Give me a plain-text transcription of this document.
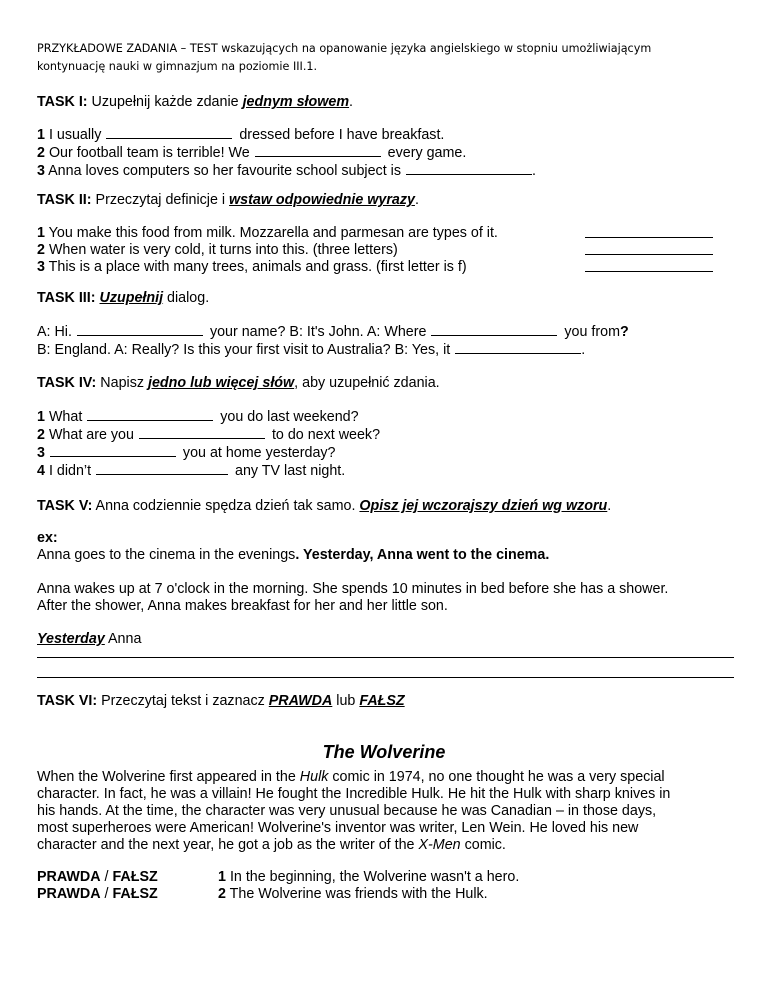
PRZYKŁADOWE ZADANIA – TEST wskazujących na opanowanie języka angielskiego w stopniu umożliwiającym
kontynuację nauki w gimnazjum na poziomie III.1.
TASK I: Uzupełnij każde zdanie jednym słowem.
1 I usually	dressed before I have breakfast.
2 Our football team is terrible! We	every game.
3 Anna loves computers so her favourite school subject is	.
TASK II: Przeczytaj definicje i wstaw odpowiednie wyrazy.
1 You make this food from milk. Mozzarella and parmesan are types of it.
2 When water is very cold, it turns into this. (three letters)
3 This is a place with many trees, animals and grass. (first letter is f)
TASK III: Uzupełnij dialog.
A: Hi.	your name? B: It's John. A: Where	you from?
B: England. A: Really? Is this your first visit to Australia? B: Yes, it	.
TASK IV: Napisz jedno lub więcej słów, aby uzupełnić zdania.
1 What	you do last weekend?
2 What are you	to do next week?
3	you at home yesterday?
4 I didn’t	any TV last night.
TASK V: Anna codziennie spędza dzień tak samo. Opisz jej wczorajszy dzień wg wzoru.
ex:
Anna goes to the cinema in the evenings. Yesterday, Anna went to the cinema.
Anna wakes up at 7 o'clock in the morning. She spends 10 minutes in bed before she has a shower.
After the shower, Anna makes breakfast for her and her little son.
Yesterday Anna
TASK VI: Przeczytaj tekst i zaznacz PRAWDA lub FAŁSZ
The Wolverine
When the Wolverine first appeared in the Hulk comic in 1974, no one thought he was a very special
character. In fact, he was a villain! He fought the Incredible Hulk. He hit the Hulk with sharp knives in
his hands. At the time, the character was very unusual because he was Canadian – in those days,
most superheroes were American! Wolverine's inventor was writer, Len Wein. He loved his new
character and the next year, he got a job as the writer of the X-Men comic.
PRAWDA / FAŁSZ	1 In the beginning, the Wolverine wasn't a hero.
PRAWDA / FAŁSZ	2 The Wolverine was friends with the Hulk.
